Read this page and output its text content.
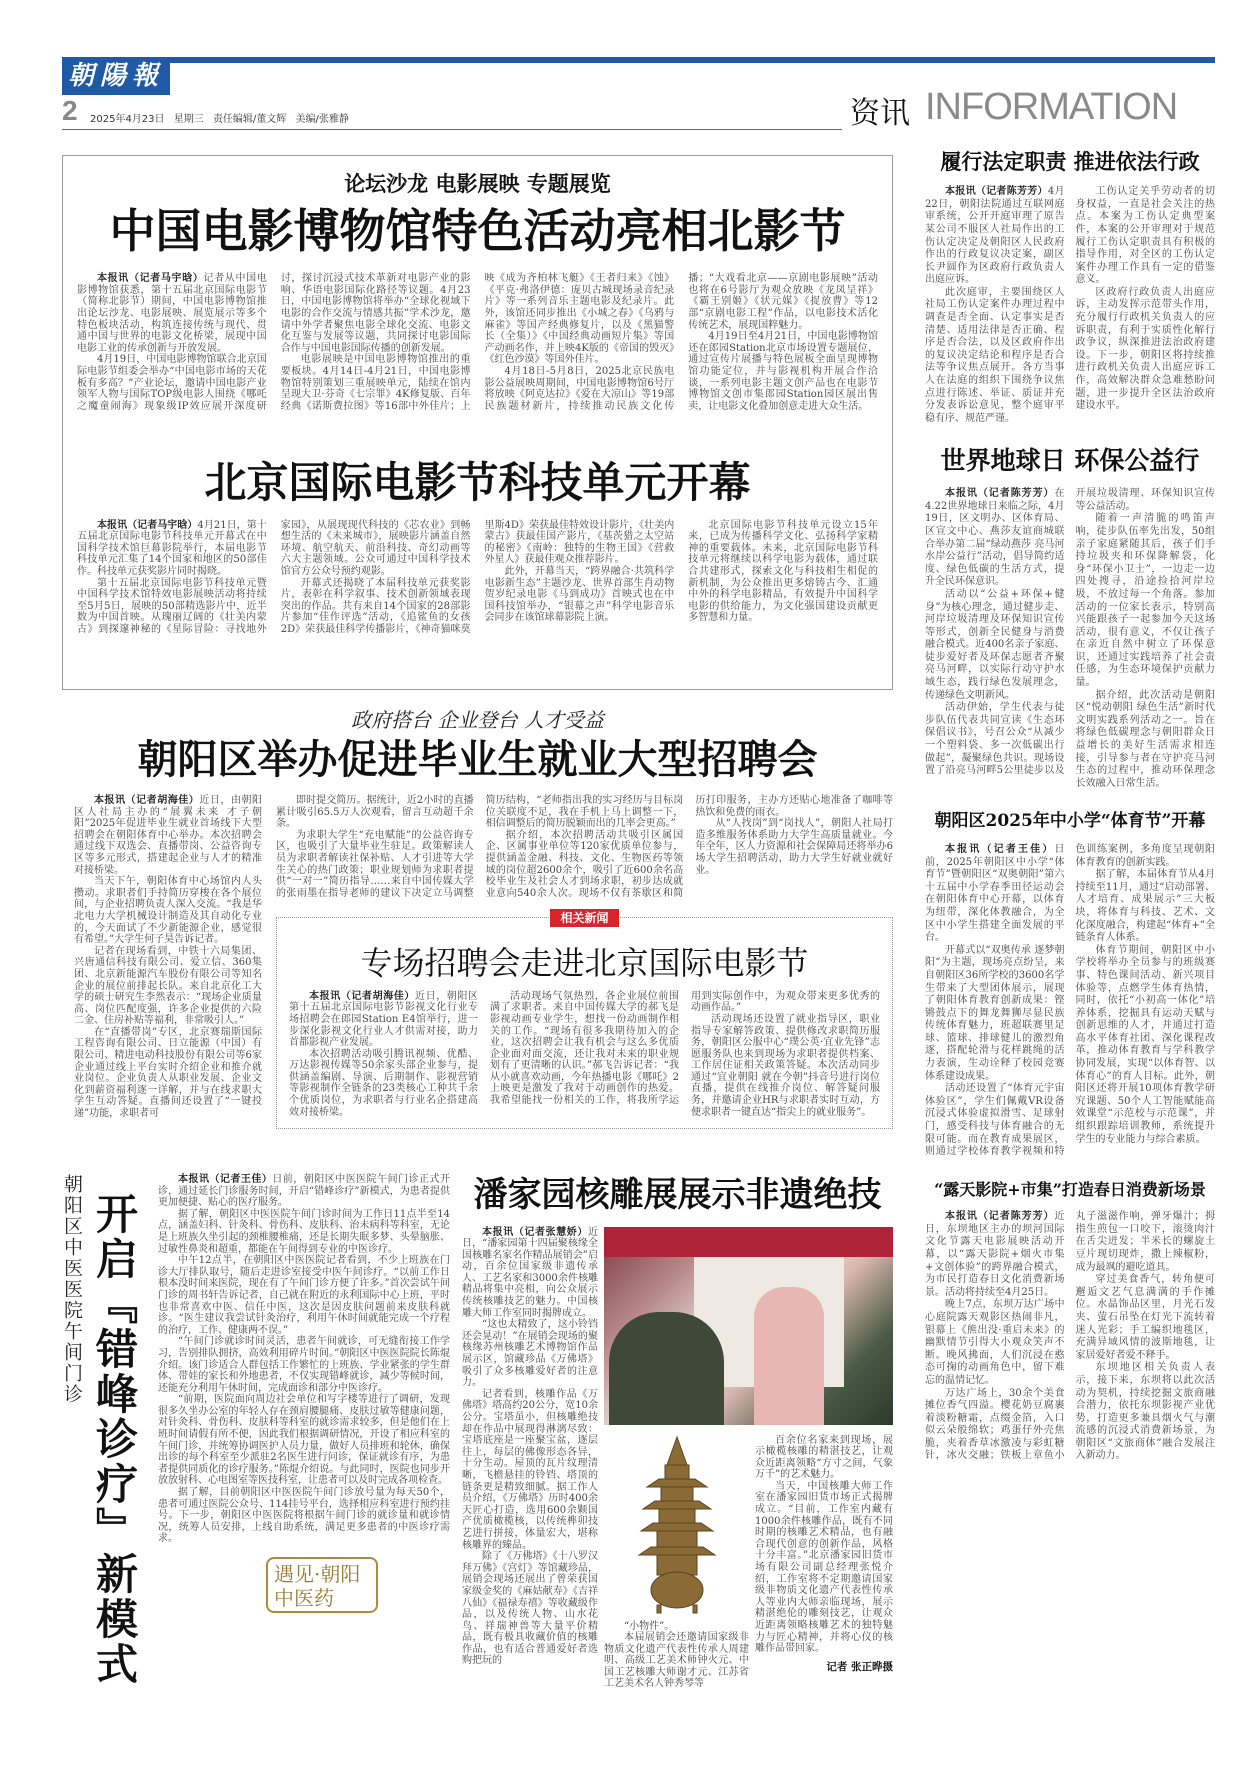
朝陽報
2 2025年4月23日 星期三 责任编辑/董文辉 美编/张雅静	资讯 INFORMATION
论坛沙龙 电影展映 专题展览
中国电影博物馆特色活动亮相北影节

本报讯（记者马宇晗）记者从中国电影博物馆获悉，第十五届北京国际电影节（简称北影节）期间，中国电影博物馆推出论坛沙龙、电影展映、展览展示等多个特色板块活动，构筑连接传统与现代、贯通中国与世界的电影文化桥梁，展现中国电影工业的传承创新与开放发展。

4月19日，中国电影博物馆联合北京国际电影节组委会举办“中国电影市场的天花板有多高？”产业论坛，邀请中国电影产业领军人物与国际TOP级电影人围绕《哪吒之魔童闹海》现象级IP效应展开深度研讨，探讨沉浸式技术革新对电影产业的影响、华语电影国际化路径等议题。4月23日，中国电影博物馆将举办“全球化视域下电影的合作交流与情感共振”学术沙龙，邀请中外学者聚焦电影全球化交流、电影文化互鉴与发展等议题，共同探讨电影国际合作与中国电影国际传播的创新发展。

电影展映是中国电影博物馆推出的重要板块。4月14日-4月21日，中国电影博物馆特别策划三重展映单元，陆续在馆内呈现大卫·芬奇《七宗罪》4K修复版、百年经典《诺斯费拉图》等16部中外佳片；上映《成为齐柏林飞艇》《王者归来》《蚀》《平克·弗洛伊德：庞贝古城现场录音纪录片》等一系列音乐主题电影及纪录片。此外，该馆还同步推出《小城之春》《乌鸦与麻雀》等国产经典修复片，以及《黑猫警长（全集）》《中国经典动画短片集》等国产动画名作，并上映4K版的《帝国的毁灭》《红色沙漠》等国外佳片。

4月18日-5月8日，2025北京民族电影公益展映周期间，中国电影博物馆6号厅将放映《阿克达拉》《爱在大凉山》等19部民族题材新片，持续推动民族文化传播；“大戏看北京——京剧电影展映”活动也将在6号影厅为观众放映《龙凤呈祥》《霸王别姬》《状元媒》《捉放曹》等12部“京剧电影工程”作品，以电影技术活化传统艺术，展现国粹魅力。

4月19日至4月21日，中国电影博物馆还在郎园Station北京市场设置专题展位，通过宣传片展播与特色展板全面呈现博物馆功能定位，并与影视机构开展合作洽谈，一系列电影主题文创产品也在电影节博物馆文创市集郎园Station园区展出售卖，让电影文化叠加创意走进大众生活。

北京国际电影节科技单元开幕

本报讯（记者马宇晗）4月21日，第十五届北京国际电影节科技单元开幕式在中国科学技术馆巨幕影院举行，本届电影节科技单元汇集了14个国家和地区的50部佳作。科技单元获奖影片同时揭晓。

第十五届北京国际电影节科技单元暨中国科学技术馆特效电影展映活动将持续至5月5日，展映的50部精选影片中，近半数为中国首映。从瑰丽辽阔的《壮美内蒙古》到探邃神秘的《星际冒险：寻找地外家园》，从展现现代科技的《芯农业》到畅想生活的《未来城市》，展映影片涵盖自然环境、航空航天、前沿科技、奇幻动画等六大主题领域。公众可通过中国科学技术馆官方公众号预约观影。

开幕式还揭晓了本届科技单元获奖影片，表彰在科学叙事、技术创新领域表现突出的作品。共有来自14个国家的28部影片参加“佳作评选”活动，《追鲨鱼的女孩2D》荣获最佳科学传播影片，《神奇猫咪莫里斯4D》荣获最佳特效设计影片，《壮美内蒙古》获最佳国产影片，《基茨猎之太空站的秘密》《南岭：独特的生物王国》《营救外星人》获最佳观众推荐影片。

此外，开幕当天，“跨界融合·共筑科学电影新生态”主题沙龙、世界首部生肖动物贺岁纪录电影《马到成功》首映式也在中国科技馆举办，“银幕之声”科学电影音乐会同步在该馆球幕影院上演。

北京国际电影节科技单元设立15年来，已成为传播科学文化、弘扬科学家精神的重要载体。未来，北京国际电影节科技单元将继续以科学电影为载体，通过联合共建形式，探索文化与科技相生相促的新机制，为公众推出更多熔铸古今、汇通中外的科学电影精品，有效提升中国科学电影的供给能力，为文化强国建设贡献更多智慧和力量。

政府搭台 企业登台 人才受益
朝阳区举办促进毕业生就业大型招聘会

本报讯（记者胡海佳）近日，由朝阳区人社局主办的“展翼未来 才子朝阳”2025年促进毕业生就业首场线下大型招聘会在朝阳体育中心举办。本次招聘会通过线下双选会、直播带岗、公益咨询专区等多元形式，搭建起企业与人才的精准对接桥梁。

当天下午，朝阳体育中心场馆内人头攒动。求职者们手持简历穿梭在各个展位间，与企业招聘负责人深入交流。“我是华北电力大学机械设计制造及其自动化专业的，今天面试了不少新能源企业，感觉很有希望。”大学生何子昊告诉记者。

记者在现场看到，中铁十六局集团、兴唐通信科技有限公司、爱立信、360集团、北京新能源汽车股份有限公司等知名企业的展位前排起长队。来自北京化工大学的硕士研究生李然表示：“现场企业质量高、岗位匹配度强，许多企业提供的六险二金、住房补贴等福利，非常吸引人。”

在“直播带岗”专区，北京赛瑞斯国际工程咨询有限公司、日立能源（中国）有限公司、精进电动科技股份有限公司等6家企业通过线上平台实时介绍企业和推介就业岗位。企业负责人从职业发展、企业文化到薪资福利逐一详解，并与在线求职大学生互动答疑。直播间还设置了“一键投递”功能，求职者可

即时提交简历。据统计，近2小时的直播累计吸引65.5万人次观看，留言互动超千余条。

为求职大学生“充电赋能”的公益咨询专区，也吸引了大量毕业生驻足。政策解读人员为求职者解读社保补贴、人才引进等大学生关心的热门政策；职业规划师为求职者提供“一对一”简历指导……来自中国传媒大学的张雨墨在指导老师的建议下决定立马调整简历结构，“老师指出我的实习经历与目标岗位关联度不足，我在手机上马上调整一下，相信调整后的简历脱颖而出的几率会更高。”

据介绍，本次招聘活动共吸引区属国企、区属事业单位等120家优质单位参与，提供涵盖金融、科技、文化、生物医药等领域的岗位超2600余个，吸引了近600余名高校毕业生及社会人才到场求职，初步达成就业意向540余人次。现场不仅有茶歇区和简历打印服务，主办方还贴心地准备了咖啡等热饮和免费的雨衣。

从“人找岗”到“岗找人”，朝阳人社局打造多维服务体系助力大学生高质量就业。今年全年，区人力资源和社会保障局还将举办6场大学生招聘活动，助力大学生好就业就好业。

相关新闻
专场招聘会走进北京国际电影节

本报讯（记者胡海佳）近日，朝阳区第十五届北京国际电影节影视文化行业专场招聘会在郎园Station E4馆举行，进一步深化影视文化行业人才供需对接，助力首都影视产业发展。

本次招聘活动吸引腾讯视频、优酷、万达影视传媒等50余家头部企业参与，提供涵盖编剧、导演、后期制作、影视营销等影视制作全链条的23类核心工种共千余个优质岗位，为求职者与行业名企搭建高效对接桥梁。

活动现场气氛热烈，各企业展位前围满了求职者。来自中国传媒大学的郝飞是影视动画专业学生，想找一份动画制作相关的工作。“现场有很多我期待加入的企业，这次招聘会让我有机会与这么多优质企业面对面交流，还让我对未来的职业规划有了更清晰的认识。”郝飞告诉记者：“我从小就喜欢动画，今年热播电影《哪吒》2上映更是激发了我对于动画创作的热爱。我希望能找一份相关的工作，将我所学运用到实际创作中，为观众带来更多优秀的动画作品。”

活动现场还设置了就业指导区，职业指导专家解答政策、提供修改求职简历服务，朝阳区公服中心“璞公英·宜业先锋”志愿服务队也来到现场为求职者提供档案、工作居住证相关政策答疑。本次活动同步通过“宜业朝阳 就在今朝”抖音号进行岗位直播，提供在线推介岗位、解答疑问服务，并邀请企业HR与求职者实时互动，方便求职者一键直达“指尖上的就业服务”。

朝阳区中医医院午间门诊 开启『错峰诊疗』新模式

本报讯（记者王佳）日前，朝阳区中医医院午间门诊正式开诊，通过延长门诊服务时间，开启“错峰诊疗”新模式，为患者提供更加便捷、贴心的医疗服务。

据了解，朝阳区中医医院午间门诊时间为工作日11点半至14点，涵盖妇科、针灸科、骨伤科、皮肤科、治未病科等科室，无论是上班族久坐引起的颈椎腰椎痛，还是长期失眠多梦、头晕脑胀、过敏性鼻炎和超重，都能在午间得到专业的中医诊疗。

中午12点半，在朝阳区中医医院记者看到，不少上班族在门诊大厅排队取号，随后走进诊室接受中医午间诊疗。“以前工作日根本没时间来医院，现在有了午间门诊方便了许多。”首次尝试午间门诊的周书轩告诉记者，自己就在附近的永利国际中心上班，平时也非常喜欢中医、信任中医，这次是因皮肤问题前来皮肤科就诊。“医生建议我尝试针灸治疗，利用午休时间就能完成一个疗程的治疗，工作、健康两不误。”

“午间门诊就诊时间灵活，患者午间就诊，可无缝衔接工作学习，告别排队拥挤，高效利用碎片时间。”朝阳区中医医院院长陈焜介绍。该门诊适合人群包括工作繁忙的上班族、学业紧张的学生群体、带娃的家长和外地患者，不仅实现错峰就诊，减少等候时间，还能充分利用午休时间，完成面诊和部分中医诊疗。

“前期，医院面向周边社会单位和写字楼等进行了调研，发现很多久坐办公室的年轻人存在颈肩腰腿痛、皮肤过敏等健康问题，对针灸科、骨伤科、皮肤科等科室的就诊需求较多，但是他们在上班时间请假有所不便，因此我们根据调研情况，开设了相应科室的午间门诊，并统筹协调医护人员力量，做好人员排班和轮休，确保出诊的每个科室至少派驻2名医生进行问诊，保证就诊有序，为患者提供同质化的诊疗服务。”陈焜介绍说。与此同时，医院也同步开放放射科、心电图室等医技科室，让患者可以及时完成各项检查。

据了解，目前朝阳区中医医院午间门诊放号量为每天50个，患者可通过医院公众号、114挂号平台，选择相应科室进行预约挂号。下一步，朝阳区中医医院将根据午间门诊的就诊量和就诊情况，统筹人员安排，上线自助系统，满足更多患者的中医诊疗需求。

遇见·朝阳中医药
潘家园核雕展展示非遗绝技

本报讯（记者张慧娇）近日，“潘家园第十四届聚核缘全国核雕名家名作精品展销会”启动，百余位国家级非遗传承人、工艺名家和3000余件核雕精品将集中亮相，向公众展示传统核雕技艺的魅力。中国核雕大师工作室同时揭牌成立。

“这也太精致了，这小铃铛还会晃动！”在展销会现场的聚核缘苏州核雕艺术博物馆作品展示区，馆藏珍品《万佛塔》吸引了众多核雕爱好者的注意力。

记者看到，核雕作品《万佛塔》塔高约20公分，宽10余公分。宝塔虽小，但核雕绝技却在作品中展现得淋漓尽致：宝塔底座是一座聚宝盆，逐层往上，每层的佛像形态各异，十分生动。屋顶的瓦片纹理清晰，飞檐悬挂的铃铛、塔顶的链条更是精致细腻。据工作人员介绍，《万佛塔》历时400余天匠心打造，选用600余颗国产优质橄榄核，以传统榫卯技艺进行拼接，体量宏大，堪称核雕界的臻品。

除了《万佛塔》《十八罗汉拜万佛》《宫灯》等馆藏珍品，展销会现场还展出了曾荣获国家级金奖的《麻姑献寿》《吉祥八仙》《福禄寿禧》等收藏级作品，以及传统人物、山水花鸟、祥瑞神兽等大量平价精品，既有极具收藏价值的核雕作品，也有适合普通爱好者选购把玩的

“小物件”。

本届展销会还邀请国家级非物质文化遗产代表性传承人周建明、高级工艺美术师钟火元、中国工艺核雕大师谢才元、江苏省工艺美术名人钟秀琴等

百余位名家来到现场，展示橄榄核雕的精湛技艺，让观众近距离领略“方寸之间，气象万千”的艺术魅力。

当天，中国核雕大师工作室在潘家园旧货市场正式揭牌成立。“目前，工作室内藏有1000余件核雕作品，既有不同时期的核雕艺术精品，也有融合现代创意的创新作品，风格十分丰富。”北京潘家园旧货市场有限公司副总经理张悦介绍，工作室将不定期邀请国家级非物质文化遗产代表性传承人等业内大师亲临现场，展示精湛绝伦的雕刻技艺，让观众近距离领略核雕艺术的独特魅力与匠心精神，并将心仪的核雕作品带回家。

记者 张正晔摄
履行法定职责 推进依法行政

本报讯（记者陈芳芳）4月22日，朝阳法院通过互联网庭审系统，公开开庭审理了原告某公司不服区人社局作出的工伤认定决定及朝阳区人民政府作出的行政复议决定案，副区长尹圆作为区政府行政负责人出庭应诉。

此次庭审，主要围绕区人社局工伤认定案件办理过程中调查是否全面、认定事实是否清楚、适用法律是否正确、程序是否合法，以及区政府作出的复议决定结论和程序是否合法等争议焦点展开。各方当事人在法庭的组织下围绕争议焦点进行陈述、举证、质证并充分发表诉讼意见，整个庭审平稳有序、规范严谨。

工伤认定关乎劳动者的切身权益，一直是社会关注的热点。本案为工伤认定典型案件，本案的公开审理对于规范履行工伤认定职责具有积极的指导作用，对全区的工伤认定案件办理工作具有一定的借鉴意义。

区政府行政负责人出庭应诉，主动发挥示范带头作用，充分履行行政机关负责人的应诉职责，有利于实质性化解行政争议，纵深推进法治政府建设。下一步，朝阳区将持续推进行政机关负责人出庭应诉工作，高效解决群众急难愁盼问题，进一步提升全区法治政府建设水平。

世界地球日 环保公益行

本报讯（记者陈芳芳）在4.22世界地球日来临之际，4月19日，区文明办、区体育局、区宣文中心、燕莎友谊商城联合举办第二届“绿动燕莎 亮马河水岸公益行”活动，倡导简约适度、绿色低碳的生活方式，提升全民环保意识。

活动以“公益+环保+健身”为核心理念，通过健步走、河岸垃圾清理及环保知识宣传等形式，创新全民健身与消费融合模式。近400名亲子家庭、徒步爱好者及环保志愿者齐聚亮马河畔，以实际行动守护水域生态，践行绿色发展理念，传递绿色文明新风。

活动伊始，学生代表与徒步队伍代表共同宣读《生态环保倡议书》，号召公众“从减少一个塑料袋、多一次低碳出行做起”，凝聚绿色共识。现场设置了沿亮马河畔5公里徒步以及开展垃圾清理、环保知识宣传等公益活动。

随着一声清脆的鸣笛声响，徒步队伍率先出发，50组亲子家庭紧随其后，孩子们手持垃圾夹和环保降解袋，化身“环保小卫士”，一边走一边四处搜寻，沿途捡拾河岸垃圾，不放过每一个角落。参加活动的一位家长表示，特别高兴能跟孩子一起参加今天这场活动，很有意义，不仅让孩子在亲近自然中树立了环保意识，还通过实践培养了社会责任感，为生态环境保护贡献力量。

据介绍，此次活动是朝阳区“悦动朝阳 绿色生活”新时代文明实践系列活动之一。旨在将绿色低碳理念与朝阳群众日益增长的美好生活需求相连接，引导参与者在守护亮马河生态的过程中，推动环保理念长效融入日常生活。

朝阳区2025年中小学“体育节”开幕

本报讯（记者王佳）日前，2025年朝阳区中小学“体育节”暨朝阳区“双奥朝阳”第六十五届中小学春季田径运动会在朝阳体育中心开幕，以体育为纽带，深化体教融合，为全区中小学生搭建全面发展的平台。

开幕式以“双奥传承 逐梦朝阳”为主题，现场亮点纷呈，来自朝阳区36所学校的3600名学生带来了大型团体展示，展现了朝阳体育教育创新成果：铿锵鼓点下的舞龙舞狮尽显民族传统体育魅力，班超联赛里足球、篮球、排球健儿的激烈角逐，搭配轮滑与花样跳绳的活力表演，生动诠释了校园竞赛体系建设成果。

活动还设置了“体育元宇宙体验区”，学生们佩戴VR设备沉浸式体验虚拟滑雪、足球射门，感受科技与体育融合的无限可能。而在教育成果展区，则通过学校体育教学视频和特色训练案例，多角度呈现朝阳体育教育的创新实践。

据了解，本届体育节从4月持续至11月，通过“启动部署、人才培育、成果展示”三大板块，将体育与科技、艺术、文化深度融合，构建起“体育+”全链条育人体系。

体育节期间，朝阳区中小学校将举办全员参与的班级赛事、特色课间活动、新兴项目体验等，点燃学生体育热情，同时，依托“小初高一体化”培养体系，挖掘具有运动天赋与创新思维的人才，并通过打造高水平体育社团、深化课程改革，推动体育教育与学科教学协同发展，实现“以体育智、以体育心”的育人目标。此外，朝阳区还将开展10项体育教学研究课题、50个人工智能赋能高效课堂“示范校与示范课”，并组织跟踪培训教师，系统提升学生的专业能力与综合素质。

“露天影院+市集”打造春日消费新场景

本报讯（记者陈芳芳）近日，东坝地区主办的坝河国际文化节露天电影展映活动开幕，以“露天影院+烟火市集+文创体验”的跨界融合模式，为市民打造春日文化消费新场景。活动将持续至4月25日。

晚上7点，东坝万达广场中心庭院露天观影区热闹非凡，银幕上《熊出没·重启未来》的幽默情节引得大小观众笑声不断。晚风拂面，人们沉浸在憨态可掬的动画角色中，留下难忘的温情记忆。

万达广场上，30余个美食摊位香气四溢。樱花奶豆腐裹着淡粉糖霜，点缀金箔，入口似云朵般绵软；鸡蛋仔外壳焦脆，夹着香草冰激凌与彩虹糖针，冰火交融；铁板上章鱼小丸子滋滋作响，弹牙爆汁；拇指生煎包一口咬下，滚烫肉汁在舌尖迸发；半米长的螺旋土豆片现切现炸，撒上辣椒粉，成为最飒的避吃道具。

穿过美食香气，转角便可邂逅文艺气息满满的手作摊位。水晶饰品区里，月光石发夹、萤石吊坠在灯光下流转着迷人光彩；手工编织地毯区，充满异域风情的波斯地毯，让家居爱好者爱不释手。

东坝地区相关负责人表示，接下来，东坝将以此次活动为契机，持续挖掘文旅商融合潜力，依托东坝影视产业优势，打造更多兼具烟火气与潮流感的沉浸式消费新场景，为朝阳区“文旅商体”融合发展注入新动力。
